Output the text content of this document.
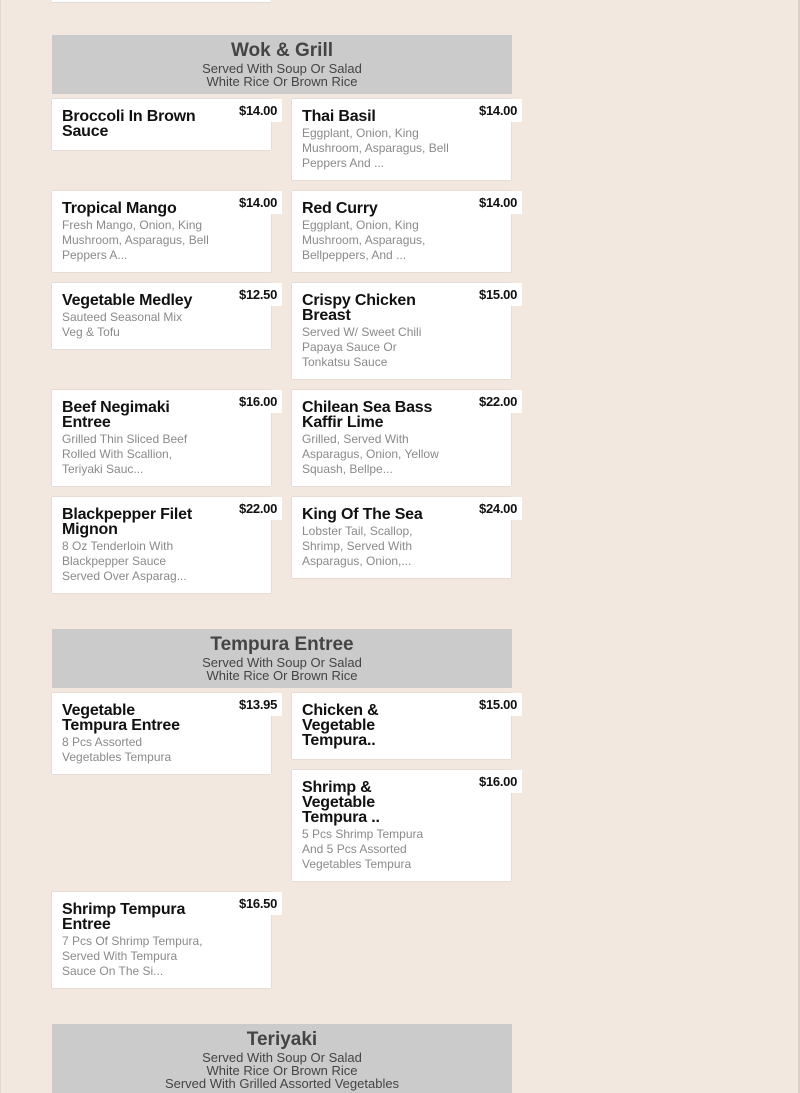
Wok & Grill
Served With Soup Or Salad
White Rice Or Brown Rice
Broccoli In Brown Sauce
$14.00	Thai Basil
Eggplant, Onion, King Mushroom, Asparagus, Bell Peppers And ...
$14.00
Tropical Mango
Fresh Mango, Onion, King Mushroom, Asparagus, Bell Peppers A...
$14.00	Red Curry
Eggplant, Onion, King Mushroom, Asparagus, Bellpeppers, And ...
$14.00
Vegetable Medley
Sauteed Seasonal Mix Veg & Tofu
$12.50	Crispy Chicken Breast
Served W/ Sweet Chili Papaya Sauce Or Tonkatsu Sauce
$15.00
Beef Negimaki Entree
Grilled Thin Sliced Beef Rolled With Scallion, Teriyaki Sauc...
$16.00	Chilean Sea Bass Kaffir Lime
Grilled, Served With Asparagus, Onion, Yellow Squash, Bellpe...
$22.00
Blackpepper Filet Mignon
8 Oz Tenderloin With Blackpepper Sauce Served Over Asparag...
$22.00	King Of The Sea
Lobster Tail, Scallop, Shrimp, Served With Asparagus, Onion,...
$24.00
Tempura Entree
Served With Soup Or Salad
White Rice Or Brown Rice
Vegetable Tempura Entree
8 Pcs Assorted Vegetables Tempura
$13.95	Chicken & Vegetable Tempura..
$15.00
Shrimp & Vegetable Tempura ..
5 Pcs Shrimp Tempura And 5 Pcs Assorted Vegetables Tempura
$16.00
Shrimp Tempura Entree
7 Pcs Of Shrimp Tempura, Served With Tempura Sauce On The Si...
$16.50
Teriyaki
Served With Soup Or Salad
White Rice Or Brown Rice
Served With Grilled Assorted Vegetables
